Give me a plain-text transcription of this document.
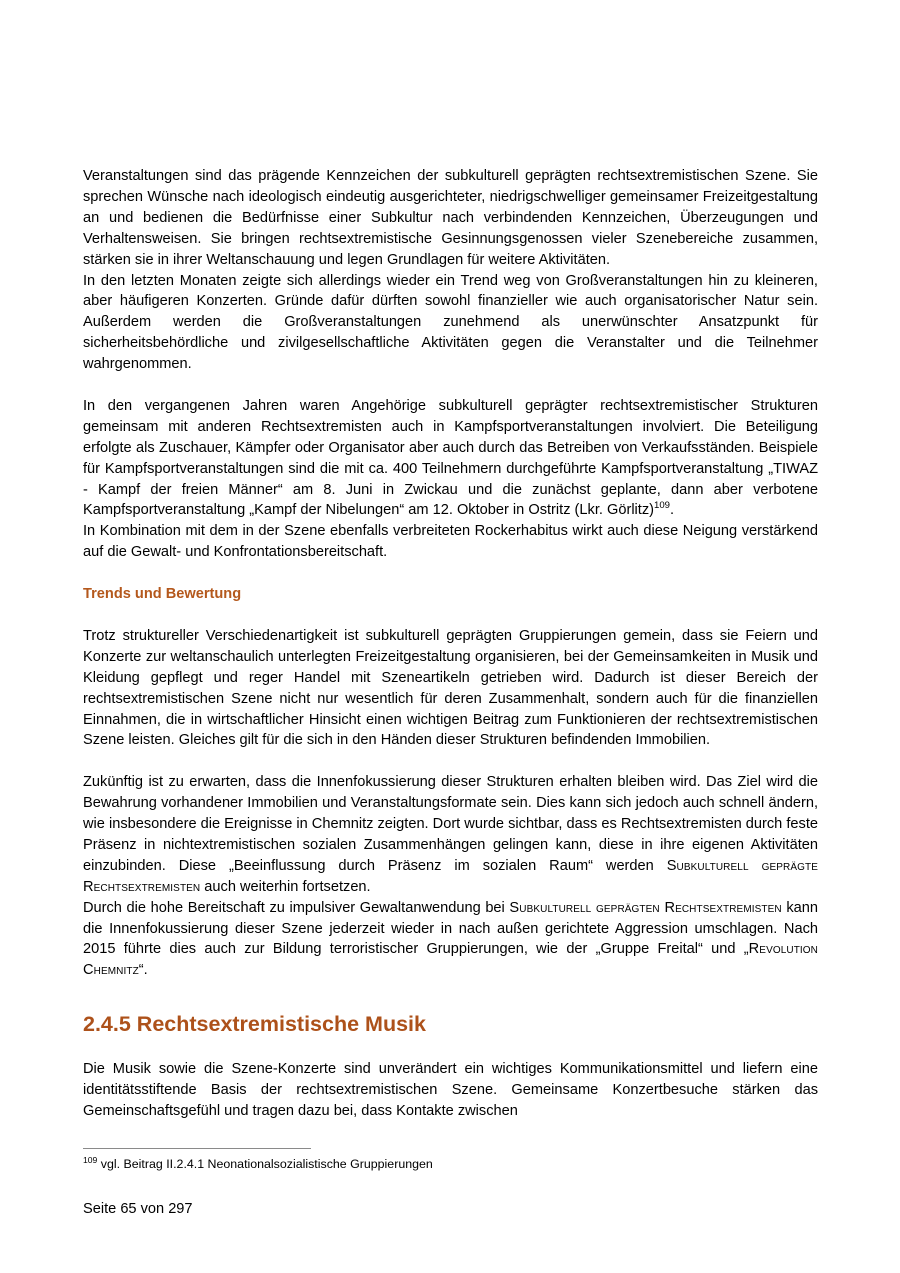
Veranstaltungen sind das prägende Kennzeichen der subkulturell geprägten rechtsextremistischen Szene. Sie sprechen Wünsche nach ideologisch eindeutig ausgerichteter, niedrigschwelliger gemeinsamer Freizeitgestaltung an und bedienen die Bedürfnisse einer Subkultur nach verbindenden Kennzeichen, Überzeugungen und Verhaltensweisen. Sie bringen rechtsextremistische Gesinnungsgenossen vieler Szenebereiche zusammen, stärken sie in ihrer Weltanschauung und legen Grundlagen für weitere Aktivitäten.

In den letzten Monaten zeigte sich allerdings wieder ein Trend weg von Großveranstaltungen hin zu kleineren, aber häufigeren Konzerten. Gründe dafür dürften sowohl finanzieller wie auch organisatorischer Natur sein. Außerdem werden die Großveranstaltungen zunehmend als unerwünschter Ansatzpunkt für sicherheitsbehördliche und zivilgesellschaftliche Aktivitäten gegen die Veranstalter und die Teilnehmer wahrgenommen.

In den vergangenen Jahren waren Angehörige subkulturell geprägter rechtsextremistischer Strukturen gemeinsam mit anderen Rechtsextremisten auch in Kampfsportveranstaltungen involviert. Die Beteiligung erfolgte als Zuschauer, Kämpfer oder Organisator aber auch durch das Betreiben von Verkaufsständen. Beispiele für Kampfsportveranstaltungen sind die mit ca. 400 Teilnehmern durchgeführte Kampfsportveranstaltung „TIWAZ - Kampf der freien Männer“ am 8. Juni in Zwickau und die zunächst geplante, dann aber verbotene Kampfsportveranstaltung „Kampf der Nibelungen“ am 12. Oktober in Ostritz (Lkr. Görlitz)$^{109}$.

In Kombination mit dem in der Szene ebenfalls verbreiteten Rockerhabitus wirkt auch diese Neigung verstärkend auf die Gewalt- und Konfrontationsbereitschaft.

Trends und Bewertung

Trotz struktureller Verschiedenartigkeit ist subkulturell geprägten Gruppierungen gemein, dass sie Feiern und Konzerte zur weltanschaulich unterlegten Freizeitgestaltung organisieren, bei der Gemeinsamkeiten in Musik und Kleidung gepflegt und reger Handel mit Szeneartikeln getrieben wird. Dadurch ist dieser Bereich der rechtsextremistischen Szene nicht nur wesentlich für deren Zusammenhalt, sondern auch für die finanziellen Einnahmen, die in wirtschaftlicher Hinsicht einen wichtigen Beitrag zum Funktionieren der rechtsextremistischen Szene leisten. Gleiches gilt für die sich in den Händen dieser Strukturen befindenden Immobilien.

Zukünftig ist zu erwarten, dass die Innenfokussierung dieser Strukturen erhalten bleiben wird. Das Ziel wird die Bewahrung vorhandener Immobilien und Veranstaltungsformate sein. Dies kann sich jedoch auch schnell ändern, wie insbesondere die Ereignisse in Chemnitz zeigten. Dort wurde sichtbar, dass es Rechtsextremisten durch feste Präsenz in nichtextremistischen sozialen Zusammenhängen gelingen kann, diese in ihre eigenen Aktivitäten einzubinden. Diese „Beeinflussung durch Präsenz im sozialen Raum“ werden Subkulturell geprägte Rechtsextremisten auch weiterhin fortsetzen.

Durch die hohe Bereitschaft zu impulsiver Gewaltanwendung bei Subkulturell geprägten Rechtsextremisten kann die Innenfokussierung dieser Szene jederzeit wieder in nach außen gerichtete Aggression umschlagen. Nach 2015 führte dies auch zur Bildung terroristischer Gruppierungen, wie der „Gruppe Freital“ und „Revolution Chemnitz“.

2.4.5 Rechtsextremistische Musik

Die Musik sowie die Szene-Konzerte sind unverändert ein wichtiges Kommunikationsmittel und liefern eine identitätsstiftende Basis der rechtsextremistischen Szene. Gemeinsame Konzertbesuche stärken das Gemeinschaftsgefühl und tragen dazu bei, dass Kontakte zwischen

$^{109}$ vgl. Beitrag II.2.4.1 Neonationalsozialistische Gruppierungen

Seite 65 von 297
